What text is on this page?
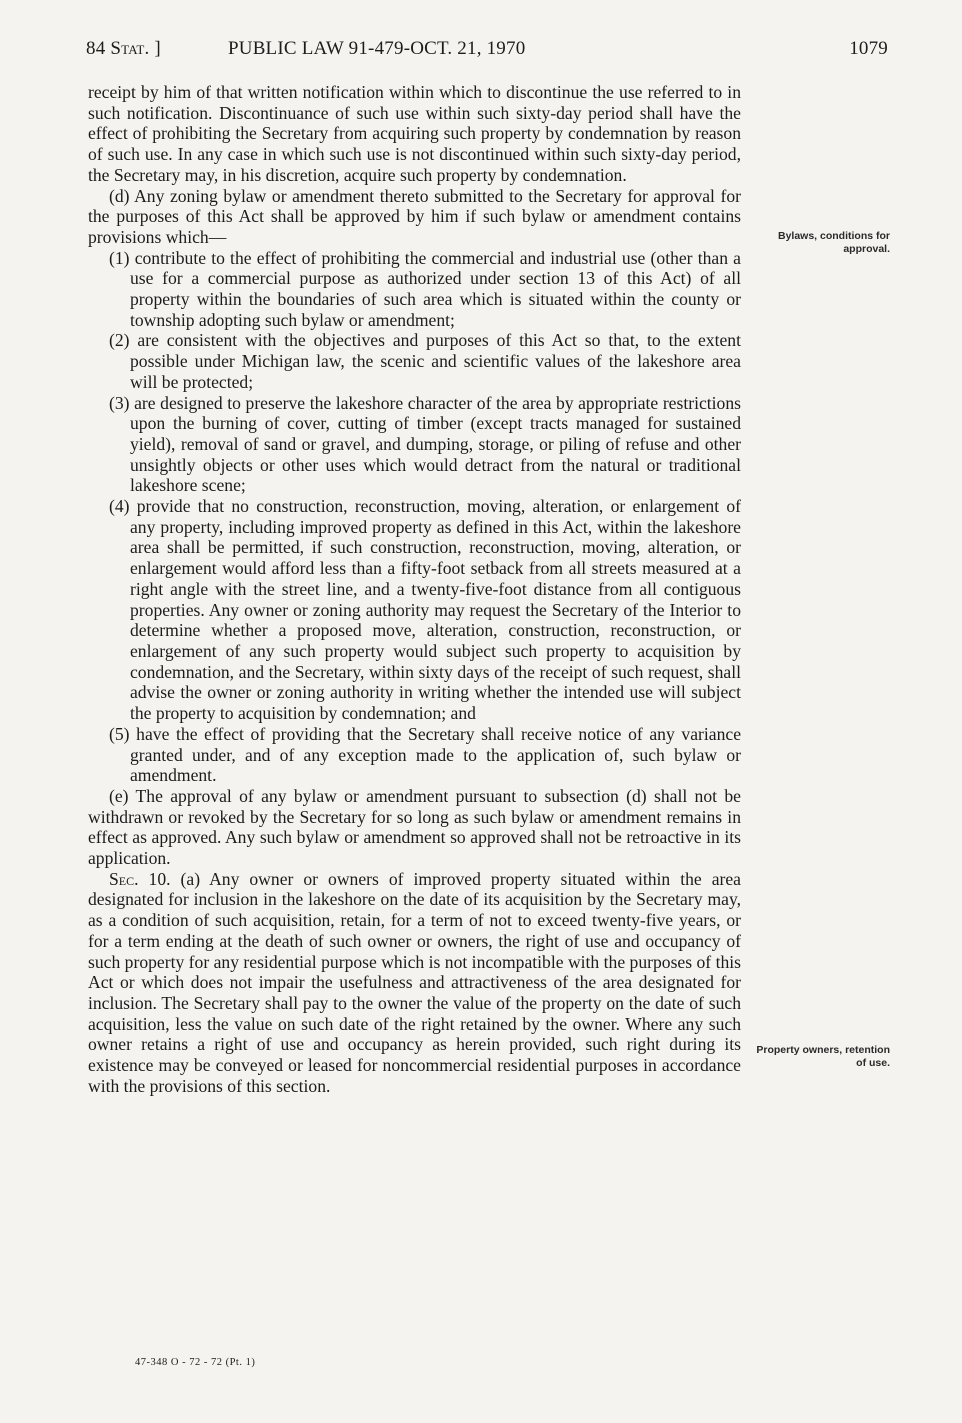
84 Stat. ]	PUBLIC LAW 91-479-OCT. 21, 1970	1079

receipt by him of that written notification within which to discontinue the use referred to in such notification. Discontinuance of such use within such sixty-day period shall have the effect of prohibiting the Secretary from acquiring such property by condemnation by reason of such use. In any case in which such use is not discontinued within such sixty-day period, the Secretary may, in his discretion, acquire such property by condemnation.

(d) Any zoning bylaw or amendment thereto submitted to the Secretary for approval for the purposes of this Act shall be approved by him if such bylaw or amendment contains provisions which—

(1) contribute to the effect of prohibiting the commercial and industrial use (other than a use for a commercial purpose as authorized under section 13 of this Act) of all property within the boundaries of such area which is situated within the county or township adopting such bylaw or amendment;

(2) are consistent with the objectives and purposes of this Act so that, to the extent possible under Michigan law, the scenic and scientific values of the lakeshore area will be protected;

(3) are designed to preserve the lakeshore character of the area by appropriate restrictions upon the burning of cover, cutting of timber (except tracts managed for sustained yield), removal of sand or gravel, and dumping, storage, or piling of refuse and other unsightly objects or other uses which would detract from the natural or traditional lakeshore scene;

(4) provide that no construction, reconstruction, moving, alteration, or enlargement of any property, including improved property as defined in this Act, within the lakeshore area shall be permitted, if such construction, reconstruction, moving, alteration, or enlargement would afford less than a fifty-foot setback from all streets measured at a right angle with the street line, and a twenty-five-foot distance from all contiguous properties. Any owner or zoning authority may request the Secretary of the Interior to determine whether a proposed move, alteration, construction, reconstruction, or enlargement of any such property would subject such property to acquisition by condemnation, and the Secretary, within sixty days of the receipt of such request, shall advise the owner or zoning authority in writing whether the intended use will subject the property to acquisition by condemnation; and

(5) have the effect of providing that the Secretary shall receive notice of any variance granted under, and of any exception made to the application of, such bylaw or amendment.

(e) The approval of any bylaw or amendment pursuant to subsection (d) shall not be withdrawn or revoked by the Secretary for so long as such bylaw or amendment remains in effect as approved. Any such bylaw or amendment so approved shall not be retroactive in its application.

Sec. 10. (a) Any owner or owners of improved property situated within the area designated for inclusion in the lakeshore on the date of its acquisition by the Secretary may, as a condition of such acquisition, retain, for a term of not to exceed twenty-five years, or for a term ending at the death of such owner or owners, the right of use and occupancy of such property for any residential purpose which is not incompatible with the purposes of this Act or which does not impair the usefulness and attractiveness of the area designated for inclusion. The Secretary shall pay to the owner the value of the property on the date of such acquisition, less the value on such date of the right retained by the owner. Where any such owner retains a right of use and occupancy as herein provided, such right during its existence may be conveyed or leased for noncommercial residential purposes in accordance with the provisions of this section.

Bylaws, conditions for approval.
Property owners, retention of use.
47-348 O - 72 - 72 (Pt. 1)
